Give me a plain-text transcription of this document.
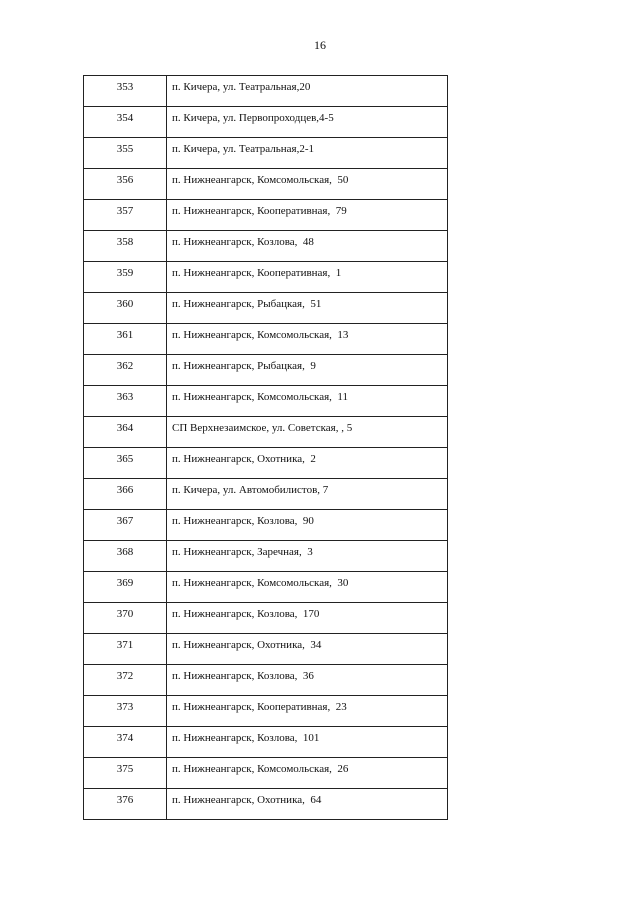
16
353	п. Кичера, ул. Театральная,20

354	п. Кичера, ул. Первопроходцев,4-5

355	п. Кичера, ул. Театральная,2-1

356	п. Нижнеангарск, Комсомольская,  50

357	п. Нижнеангарск, Кооперативная,  79

358	п. Нижнеангарск, Козлова,  48

359	п. Нижнеангарск, Кооперативная,  1

360	п. Нижнеангарск, Рыбацкая,  51

361	п. Нижнеангарск, Комсомольская,  13

362	п. Нижнеангарск, Рыбацкая,  9

363	п. Нижнеангарск, Комсомольская,  11

364	СП Верхнезаимское, ул. Советская, , 5

365	п. Нижнеангарск, Охотника,  2

366	п. Кичера, ул. Автомобилистов, 7

367	п. Нижнеангарск, Козлова,  90

368	п. Нижнеангарск, Заречная,  3

369	п. Нижнеангарск, Комсомольская,  30

370	п. Нижнеангарск, Козлова,  170

371	п. Нижнеангарск, Охотника,  34

372	п. Нижнеангарск, Козлова,  36

373	п. Нижнеангарск, Кооперативная,  23

374	п. Нижнеангарск, Козлова,  101

375	п. Нижнеангарск, Комсомольская,  26

376	п. Нижнеангарск, Охотника,  64
